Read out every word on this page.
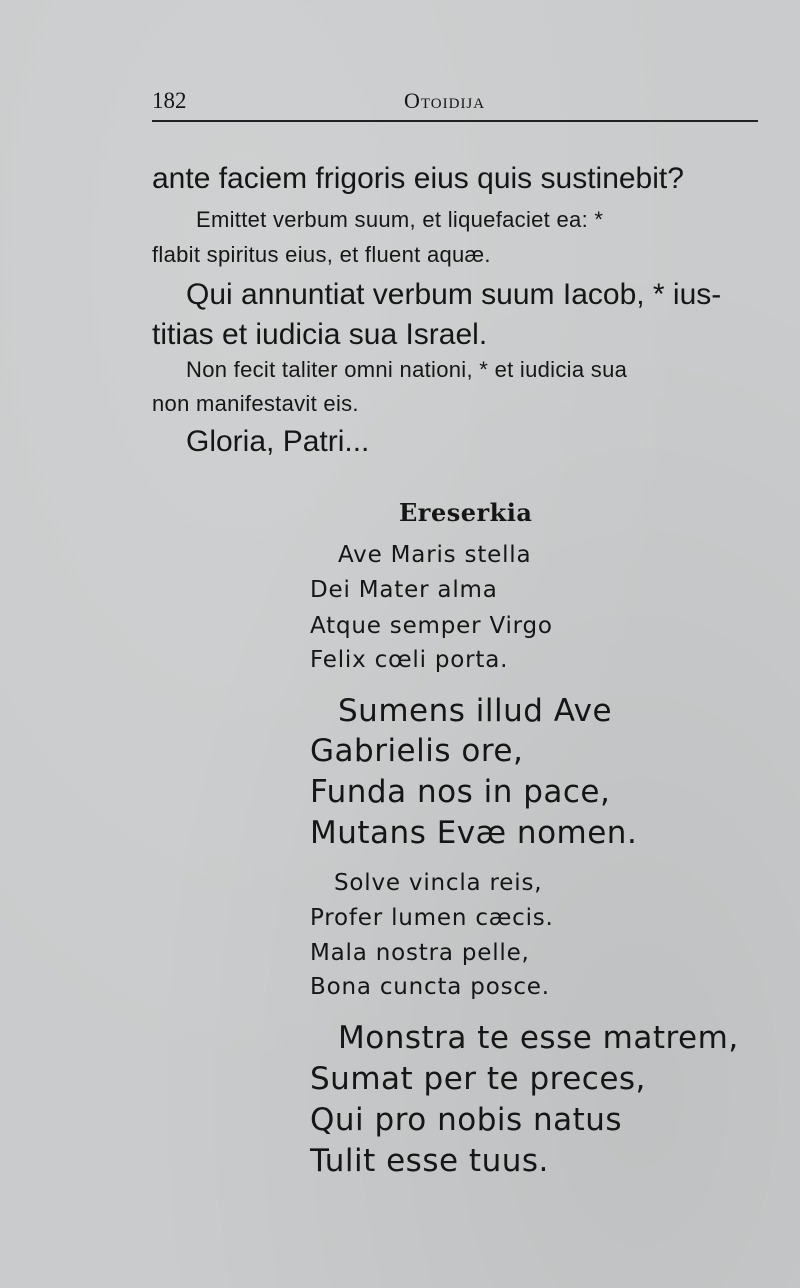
182	Otoidija
ante faciem frigoris eius quis sustinebit?
Emittet verbum suum, et liquefaciet ea: *
flabit spiritus eius, et fluent aquæ.
Qui annuntiat verbum suum Iacob, * ius-
titias et iudicia sua Israel.
Non fecit taliter omni nationi, * et iudicia sua
non manifestavit eis.
Gloria, Patri...
Ereserkia
Ave Maris stella
Dei Mater alma
Atque semper Virgo
Felix cœli porta.
Sumens illud Ave
Gabrielis ore,
Funda nos in pace,
Mutans Evæ nomen.
Solve vincla reis,
Profer lumen cæcis.
Mala nostra pelle,
Bona cuncta posce.
Monstra te esse matrem,
Sumat per te preces,
Qui pro nobis natus
Tulit esse tuus.
